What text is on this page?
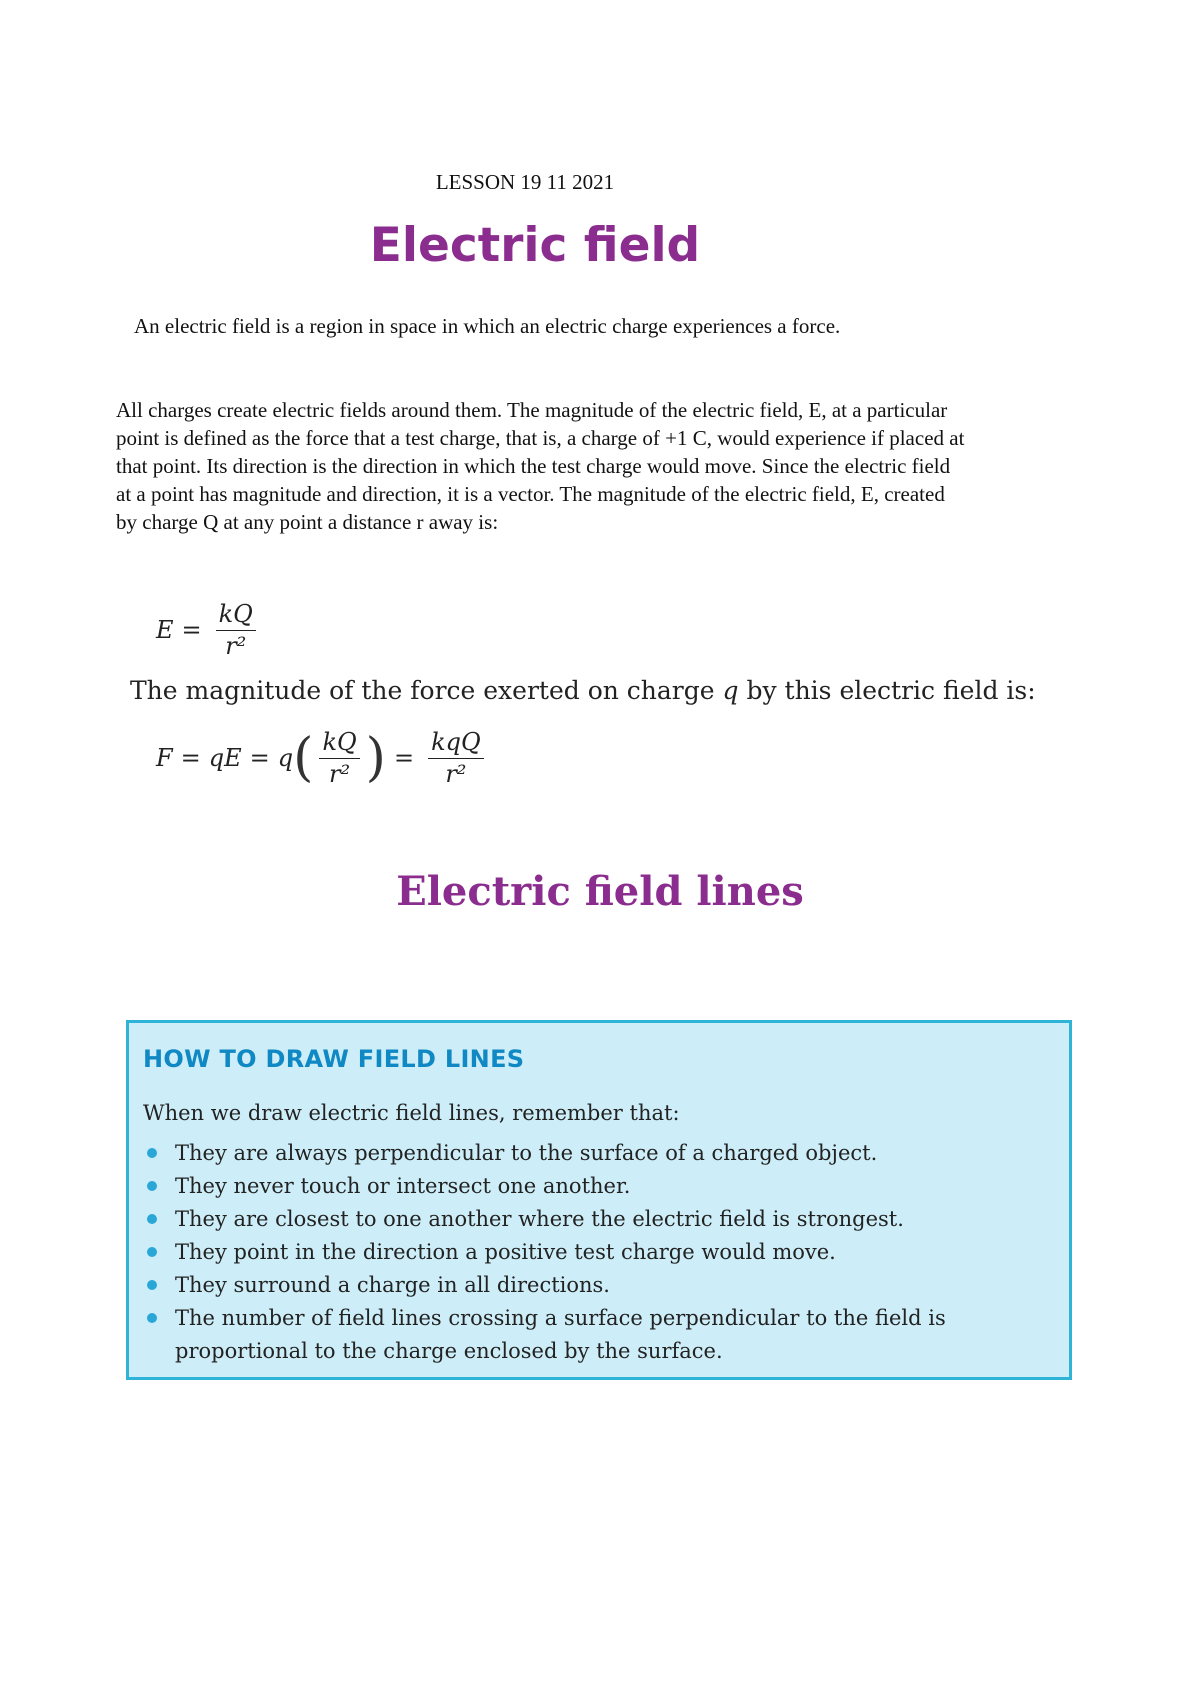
LESSON 19 11 2021
Electric field

An electric field is a region in space in which an electric charge experiences a force.

All charges create electric fields around them. The magnitude of the electric field, E, at a particular point is defined as the force that a test charge, that is, a charge of +1 C, would experience if placed at that point. Its direction is the direction in which the test charge would move. Since the electric field at a point has magnitude and direction, it is a vector. The magnitude of the electric field, E, created by charge Q at any point a distance r away is:

$E = \frac{kQ}{\text{r²}}$
The magnitude of the force exerted on charge q by this electric field is:
F = qE = q ( $\frac{kQ}{\text{r²}}$ ) = $\frac{\text{kqQ}}{\text{r²}}$
Electric field lines
HOW TO DRAW FIELD LINES
When we draw electric field lines, remember that:
They are always perpendicular to the surface of a charged object.
They never touch or intersect one another.
They are closest to one another where the electric field is strongest.
They point in the direction a positive test charge would move.
They surround a charge in all directions.
The number of field lines crossing a surface perpendicular to the field is proportional to the charge enclosed by the surface.
